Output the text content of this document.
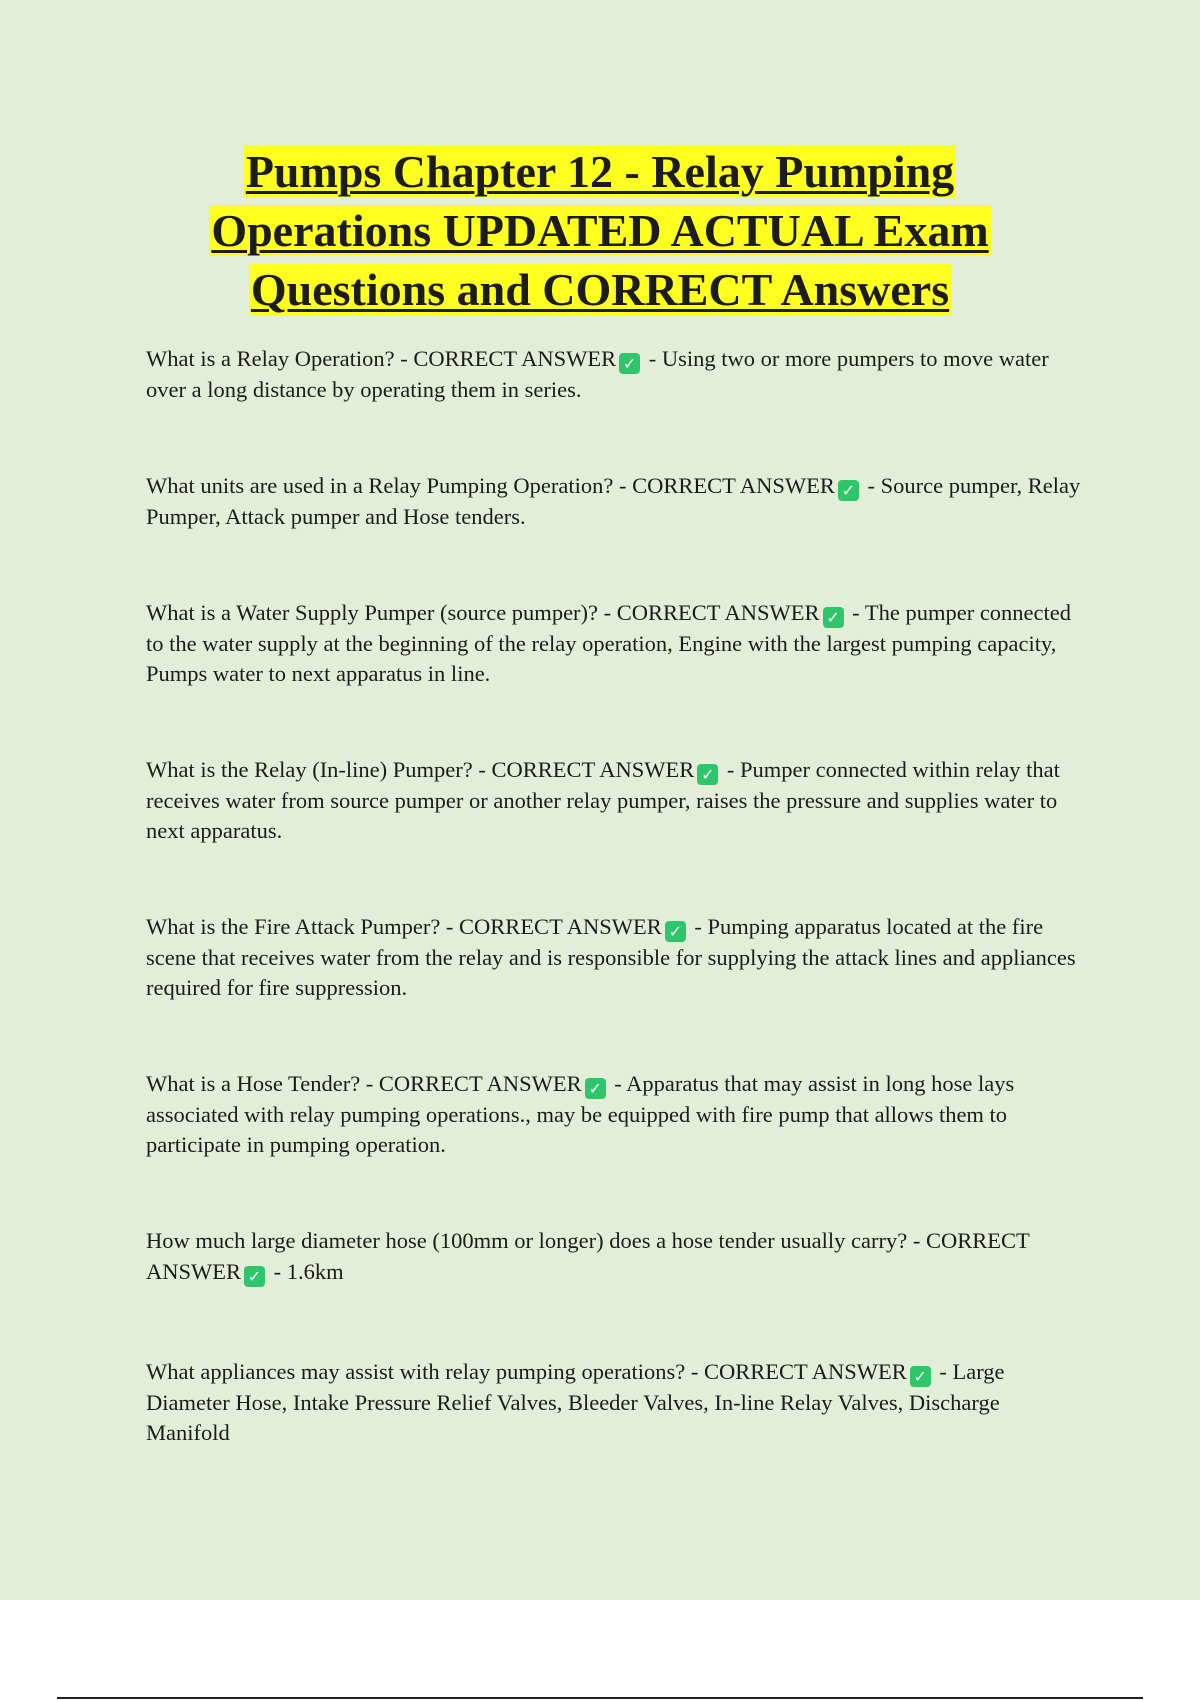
Pumps Chapter 12 - Relay Pumping
Operations UPDATED ACTUAL Exam
Questions and CORRECT Answers

What is a Relay Operation? - CORRECT ANSWER ✓ - Using two or more pumpers to move water over a long distance by operating them in series.

What units are used in a Relay Pumping Operation? - CORRECT ANSWER ✓ - Source pumper, Relay Pumper, Attack pumper and Hose tenders.

What is a Water Supply Pumper (source pumper)? - CORRECT ANSWER ✓ - The pumper connected to the water supply at the beginning of the relay operation, Engine with the largest pumping capacity, Pumps water to next apparatus in line.

What is the Relay (In-line) Pumper? - CORRECT ANSWER ✓ - Pumper connected within relay that receives water from source pumper or another relay pumper, raises the pressure and supplies water to next apparatus.

What is the Fire Attack Pumper? - CORRECT ANSWER ✓ - Pumping apparatus located at the fire scene that receives water from the relay and is responsible for supplying the attack lines and appliances required for fire suppression.

What is a Hose Tender? - CORRECT ANSWER ✓ - Apparatus that may assist in long hose lays associated with relay pumping operations., may be equipped with fire pump that allows them to participate in pumping operation.

How much large diameter hose (100mm or longer) does a hose tender usually carry? - CORRECT ANSWER ✓ - 1.6km

What appliances may assist with relay pumping operations? - CORRECT ANSWER ✓ - Large Diameter Hose, Intake Pressure Relief Valves, Bleeder Valves, In-line Relay Valves, Discharge Manifold
